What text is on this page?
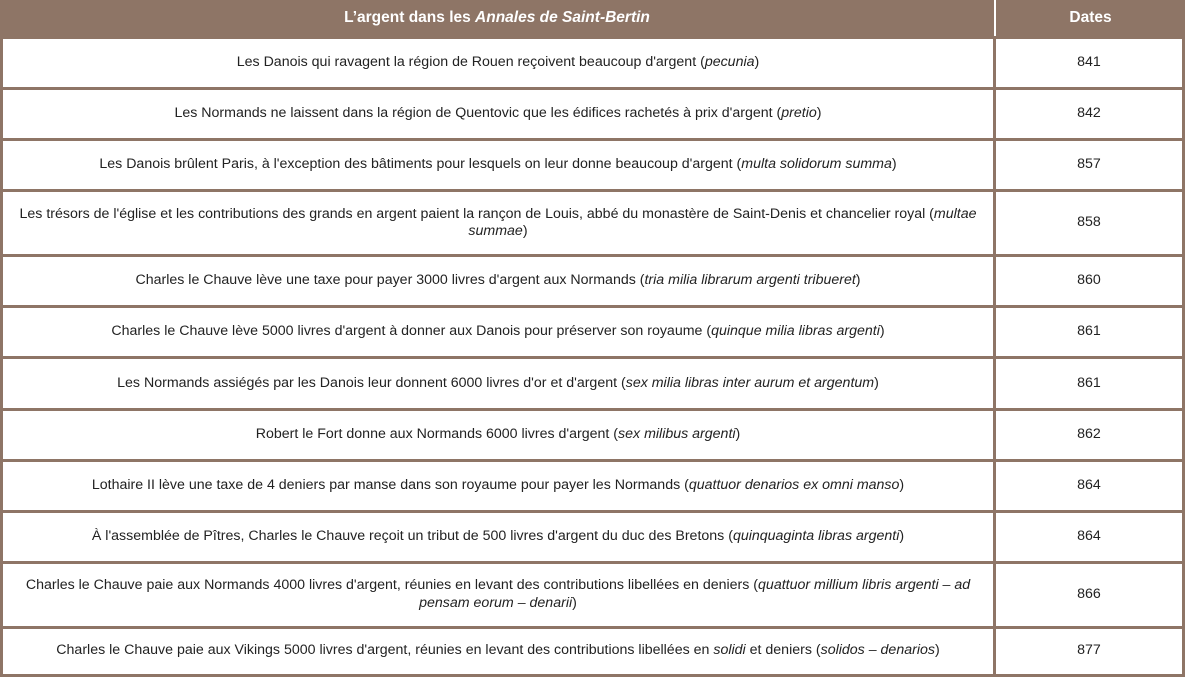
L’argent dans les Annales de Saint-Bertin	Dates
Les Danois qui ravagent la région de Rouen reçoivent beaucoup d'argent (pecunia)	841
Les Normands ne laissent dans la région de Quentovic que les édifices rachetés à prix d'argent (pretio)	842
Les Danois brûlent Paris, à l'exception des bâtiments pour lesquels on leur donne beaucoup d'argent (multa solidorum summa)	857
Les trésors de l'église et les contributions des grands en argent paient la rançon de Louis, abbé du monastère de Saint-Denis et chancelier royal (multae summae)	858
Charles le Chauve lève une taxe pour payer 3000 livres d'argent aux Normands (tria milia librarum argenti tribueret)	860
Charles le Chauve lève 5000 livres d'argent à donner aux Danois pour préserver son royaume (quinque milia libras argenti)	861
Les Normands assiégés par les Danois leur donnent 6000 livres d'or et d'argent (sex milia libras inter aurum et argentum)	861
Robert le Fort donne aux Normands 6000 livres d'argent (sex milibus argenti)	862
Lothaire II lève une taxe de 4 deniers par manse dans son royaume pour payer les Normands (quattuor denarios ex omni manso)	864
À l'assemblée de Pîtres, Charles le Chauve reçoit un tribut de 500 livres d'argent du duc des Bretons (quinquaginta libras argenti)	864
Charles le Chauve paie aux Normands 4000 livres d'argent, réunies en levant des contributions libellées en deniers (quattuor millium libris argenti – ad pensam eorum – denarii)	866
Charles le Chauve paie aux Vikings 5000 livres d'argent, réunies en levant des contributions libellées en solidi et deniers (solidos – denarios)	877
